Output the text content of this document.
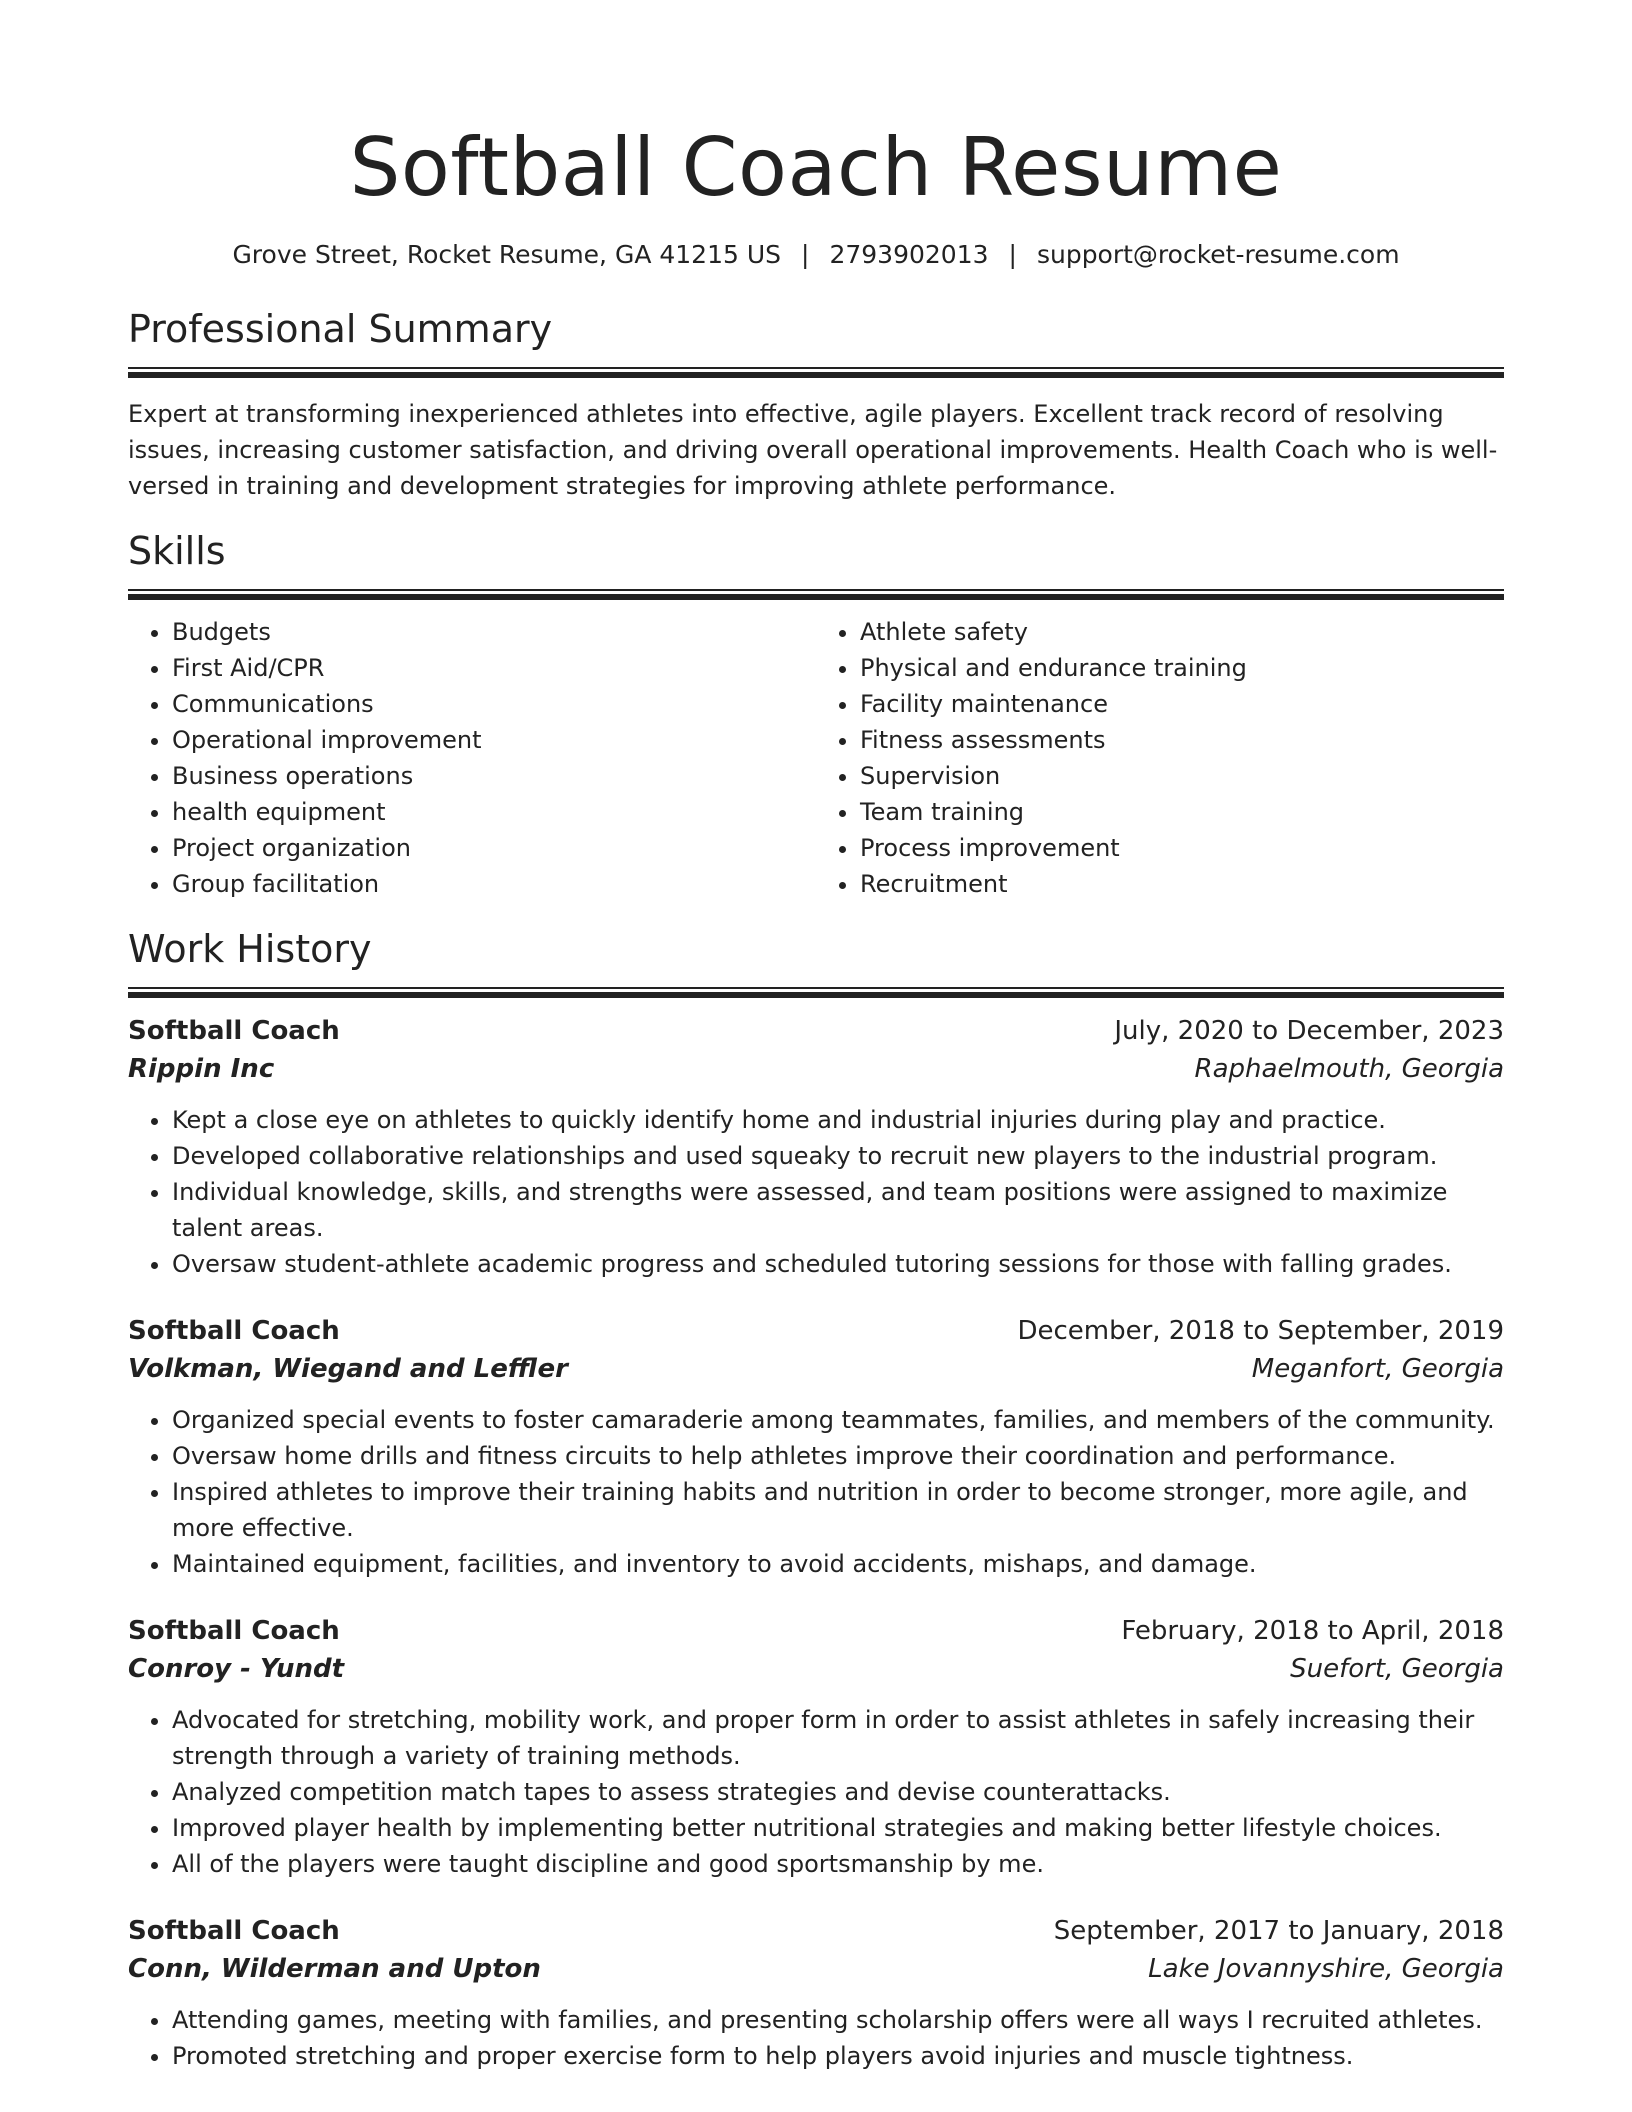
Softball Coach Resume
Grove Street, Rocket Resume, GA 41215 US | 2793902013 | support@rocket-resume.com
Professional Summary

Expert at transforming inexperienced athletes into effective, agile players. Excellent track record of resolving issues, increasing customer satisfaction, and driving overall operational improvements. Health Coach who is well-versed in training and development strategies for improving athlete performance.

Skills
• Budgets
• First Aid/CPR
• Communications
• Operational improvement
• Business operations
• health equipment
• Project organization
• Group facilitation
• Athlete safety
• Physical and endurance training
• Facility maintenance
• Fitness assessments
• Supervision
• Team training
• Process improvement
• Recruitment
Work History
Softball Coach	July, 2020 to December, 2023
Rippin Inc	Raphaelmouth, Georgia
• Kept a close eye on athletes to quickly identify home and industrial injuries during play and practice.
• Developed collaborative relationships and used squeaky to recruit new players to the industrial program.
• Individual knowledge, skills, and strengths were assessed, and team positions were assigned to maximize talent areas.
• Oversaw student-athlete academic progress and scheduled tutoring sessions for those with falling grades.
Softball Coach	December, 2018 to September, 2019
Volkman, Wiegand and Leffler	Meganfort, Georgia
• Organized special events to foster camaraderie among teammates, families, and members of the community.
• Oversaw home drills and fitness circuits to help athletes improve their coordination and performance.
• Inspired athletes to improve their training habits and nutrition in order to become stronger, more agile, and more effective.
• Maintained equipment, facilities, and inventory to avoid accidents, mishaps, and damage.
Softball Coach	February, 2018 to April, 2018
Conroy - Yundt	Suefort, Georgia
• Advocated for stretching, mobility work, and proper form in order to assist athletes in safely increasing their strength through a variety of training methods.
• Analyzed competition match tapes to assess strategies and devise counterattacks.
• Improved player health by implementing better nutritional strategies and making better lifestyle choices.
• All of the players were taught discipline and good sportsmanship by me.
Softball Coach	September, 2017 to January, 2018
Conn, Wilderman and Upton	Lake Jovannyshire, Georgia
• Attending games, meeting with families, and presenting scholarship offers were all ways I recruited athletes.
• Promoted stretching and proper exercise form to help players avoid injuries and muscle tightness.
